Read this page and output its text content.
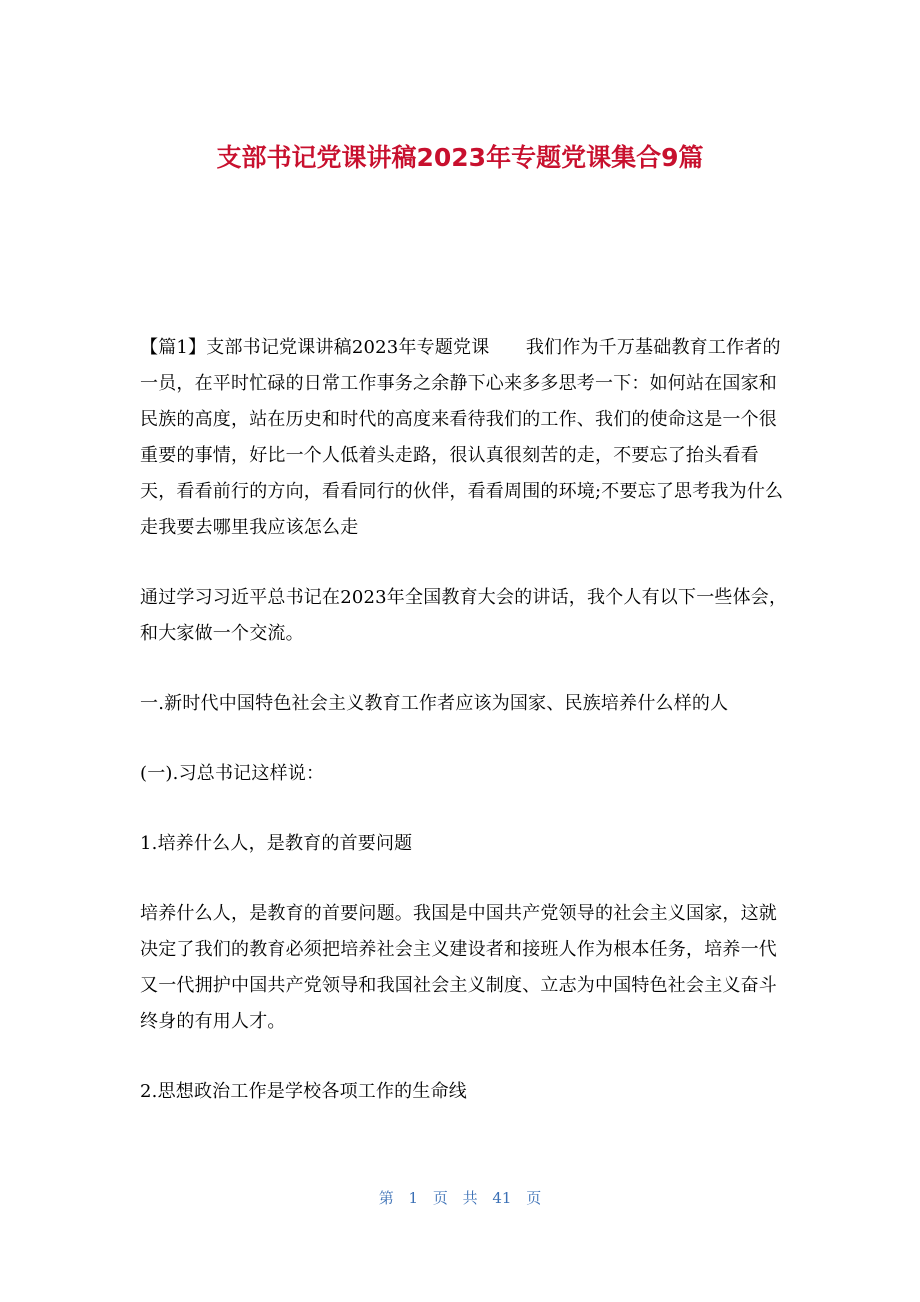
支部书记党课讲稿2023年专题党课集合9篇

【篇1】支部书记党课讲稿2023年专题党课　　我们作为千万基础教育工作者的一员，在平时忙碌的日常工作事务之余静下心来多多思考一下：如何站在国家和民族的高度，站在历史和时代的高度来看待我们的工作、我们的使命这是一个很重要的事情，好比一个人低着头走路，很认真很刻苦的走，不要忘了抬头看看天，看看前行的方向，看看同行的伙伴，看看周围的环境;不要忘了思考我为什么走我要去哪里我应该怎么走

通过学习习近平总书记在2023年全国教育大会的讲话，我个人有以下一些体会，和大家做一个交流。

一.新时代中国特色社会主义教育工作者应该为国家、民族培养什么样的人

(一).习总书记这样说：

1.培养什么人，是教育的首要问题

培养什么人，是教育的首要问题。我国是中国共产党领导的社会主义国家，这就决定了我们的教育必须把培养社会主义建设者和接班人作为根本任务，培养一代又一代拥护中国共产党领导和我国社会主义制度、立志为中国特色社会主义奋斗终身的有用人才。

2.思想政治工作是学校各项工作的生命线

第 1 页 共 41 页
